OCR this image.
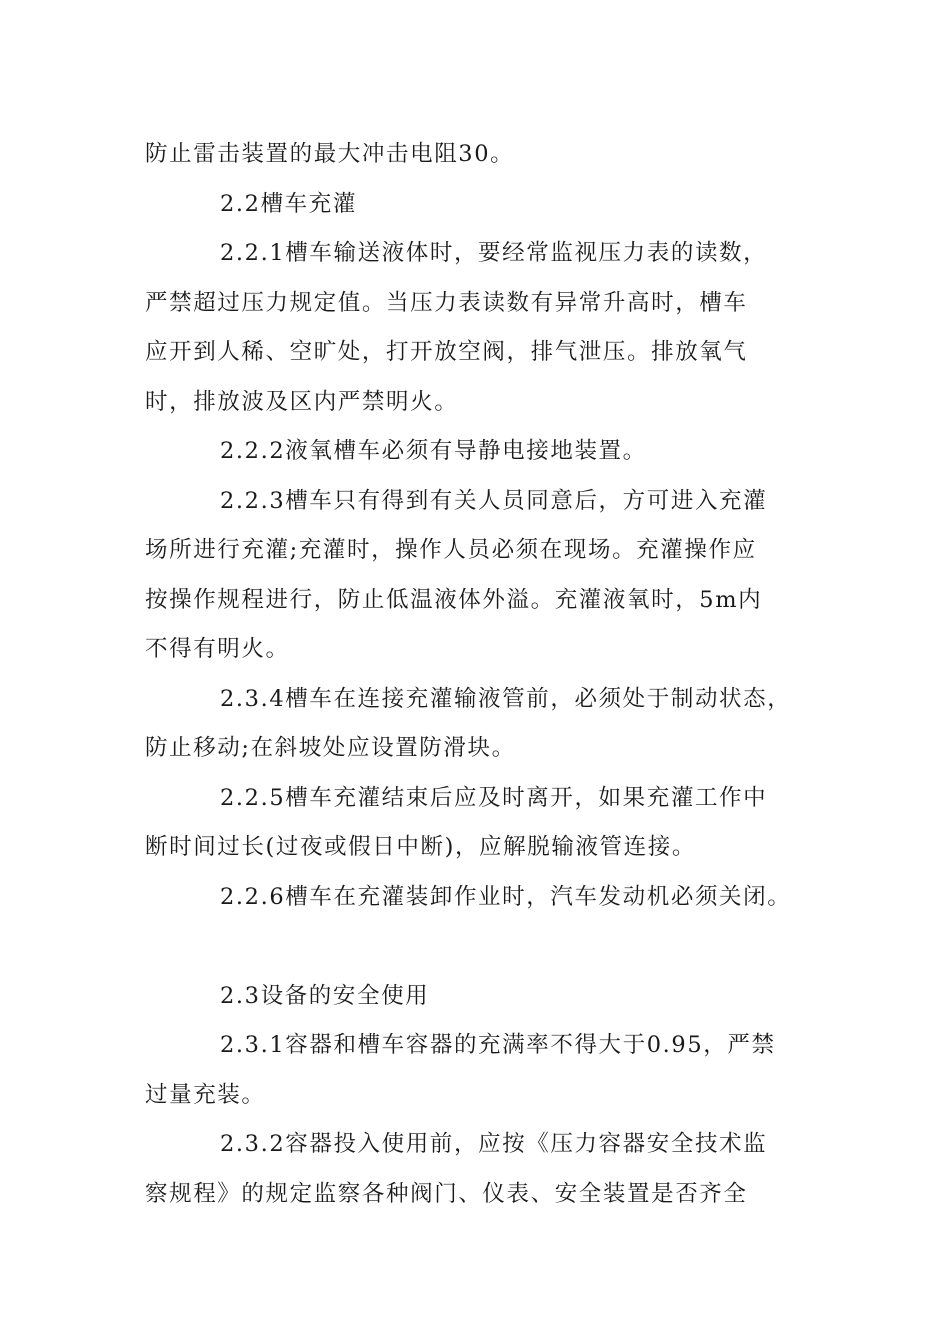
防止雷击装置的最大冲击电阻30。
2.2槽车充灌
2.2.1槽车输送液体时，要经常监视压力表的读数，
严禁超过压力规定值。当压力表读数有异常升高时，槽车
应开到人稀、空旷处，打开放空阀，排气泄压。排放氧气
时，排放波及区内严禁明火。
2.2.2液氧槽车必须有导静电接地装置。
2.2.3槽车只有得到有关人员同意后，方可进入充灌
场所进行充灌;充灌时，操作人员必须在现场。充灌操作应
按操作规程进行，防止低温液体外溢。充灌液氧时，5m内
不得有明火。
2.3.4槽车在连接充灌输液管前，必须处于制动状态，
防止移动;在斜坡处应设置防滑块。
2.2.5槽车充灌结束后应及时离开，如果充灌工作中
断时间过长(过夜或假日中断)，应解脱输液管连接。
2.2.6槽车在充灌装卸作业时，汽车发动机必须关闭。
2.3设备的安全使用
2.3.1容器和槽车容器的充满率不得大于0.95，严禁
过量充装。
2.3.2容器投入使用前，应按《压力容器安全技术监
察规程》的规定监察各种阀门、仪表、安全装置是否齐全
